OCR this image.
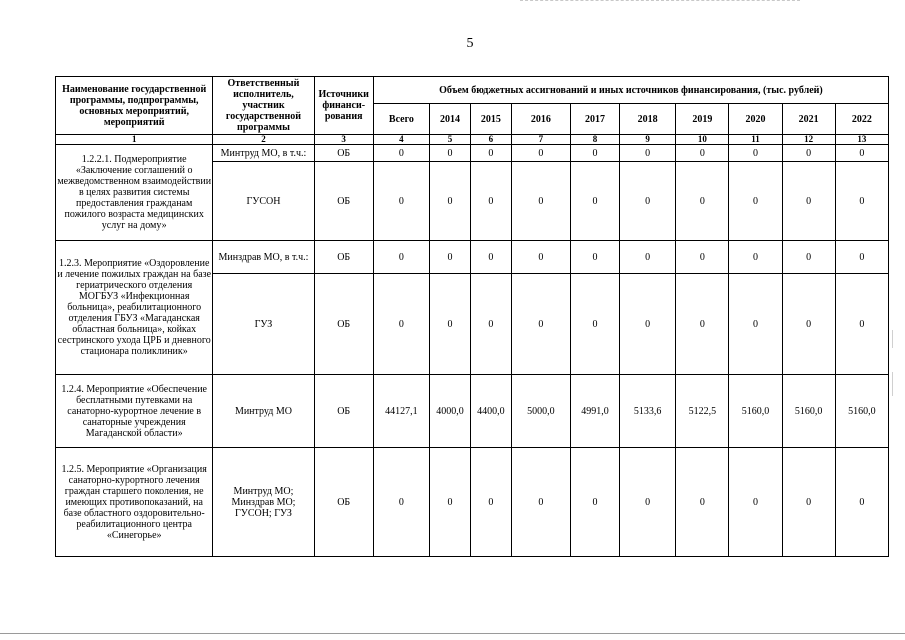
5
Наименование государственной программы, подпрограммы, основных мероприятий, мероприятий	Ответственный исполнитель, участник государственной программы	Источники финанси-рования	Объем бюджетных ассигнований и иных источников финансирования, (тыс. рублей)									
			Всего	2014	2015	2016	2017	2018	2019	2020	2021	2022
1	2	3	4	5	6	7	8	9	10	11	12	13
1.2.2.1. Подмероприятие «Заключение соглашений о межведомственном взаимодействии в целях развития системы предоставления гражданам пожилого возраста медицинских услуг на дому»	Минтруд МО, в т.ч.:	ОБ	0	0	0	0	0	0	0	0	0	0
	ГУСОН	ОБ	0	0	0	0	0	0	0	0	0	0
1.2.3. Мероприятие «Оздоровление и лечение пожилых граждан на базе гериатрического отделения МОГБУЗ «Инфекционная больница», реабилитационного отделения ГБУЗ «Магаданская областная больница», койках сестринского ухода ЦРБ и дневного стационара поликлиник»	Минздрав МО, в т.ч.:	ОБ	0	0	0	0	0	0	0	0	0	0
	ГУЗ	ОБ	0	0	0	0	0	0	0	0	0	0
1.2.4. Мероприятие «Обеспечение бесплатными путевками на санаторно-курортное лечение в санаторные учреждения Магаданской области»	Минтруд МО	ОБ	44127,1	4000,0	4400,0	5000,0	4991,0	5133,6	5122,5	5160,0	5160,0	5160,0
1.2.5. Мероприятие «Организация санаторно-курортного лечения граждан старшего поколения, не имеющих противопоказаний, на базе областного оздоровительно-реабилитационного центра «Синегорье»	Минтруд МО; Минздрав МО; ГУСОН; ГУЗ	ОБ	0	0	0	0	0	0	0	0	0	0
